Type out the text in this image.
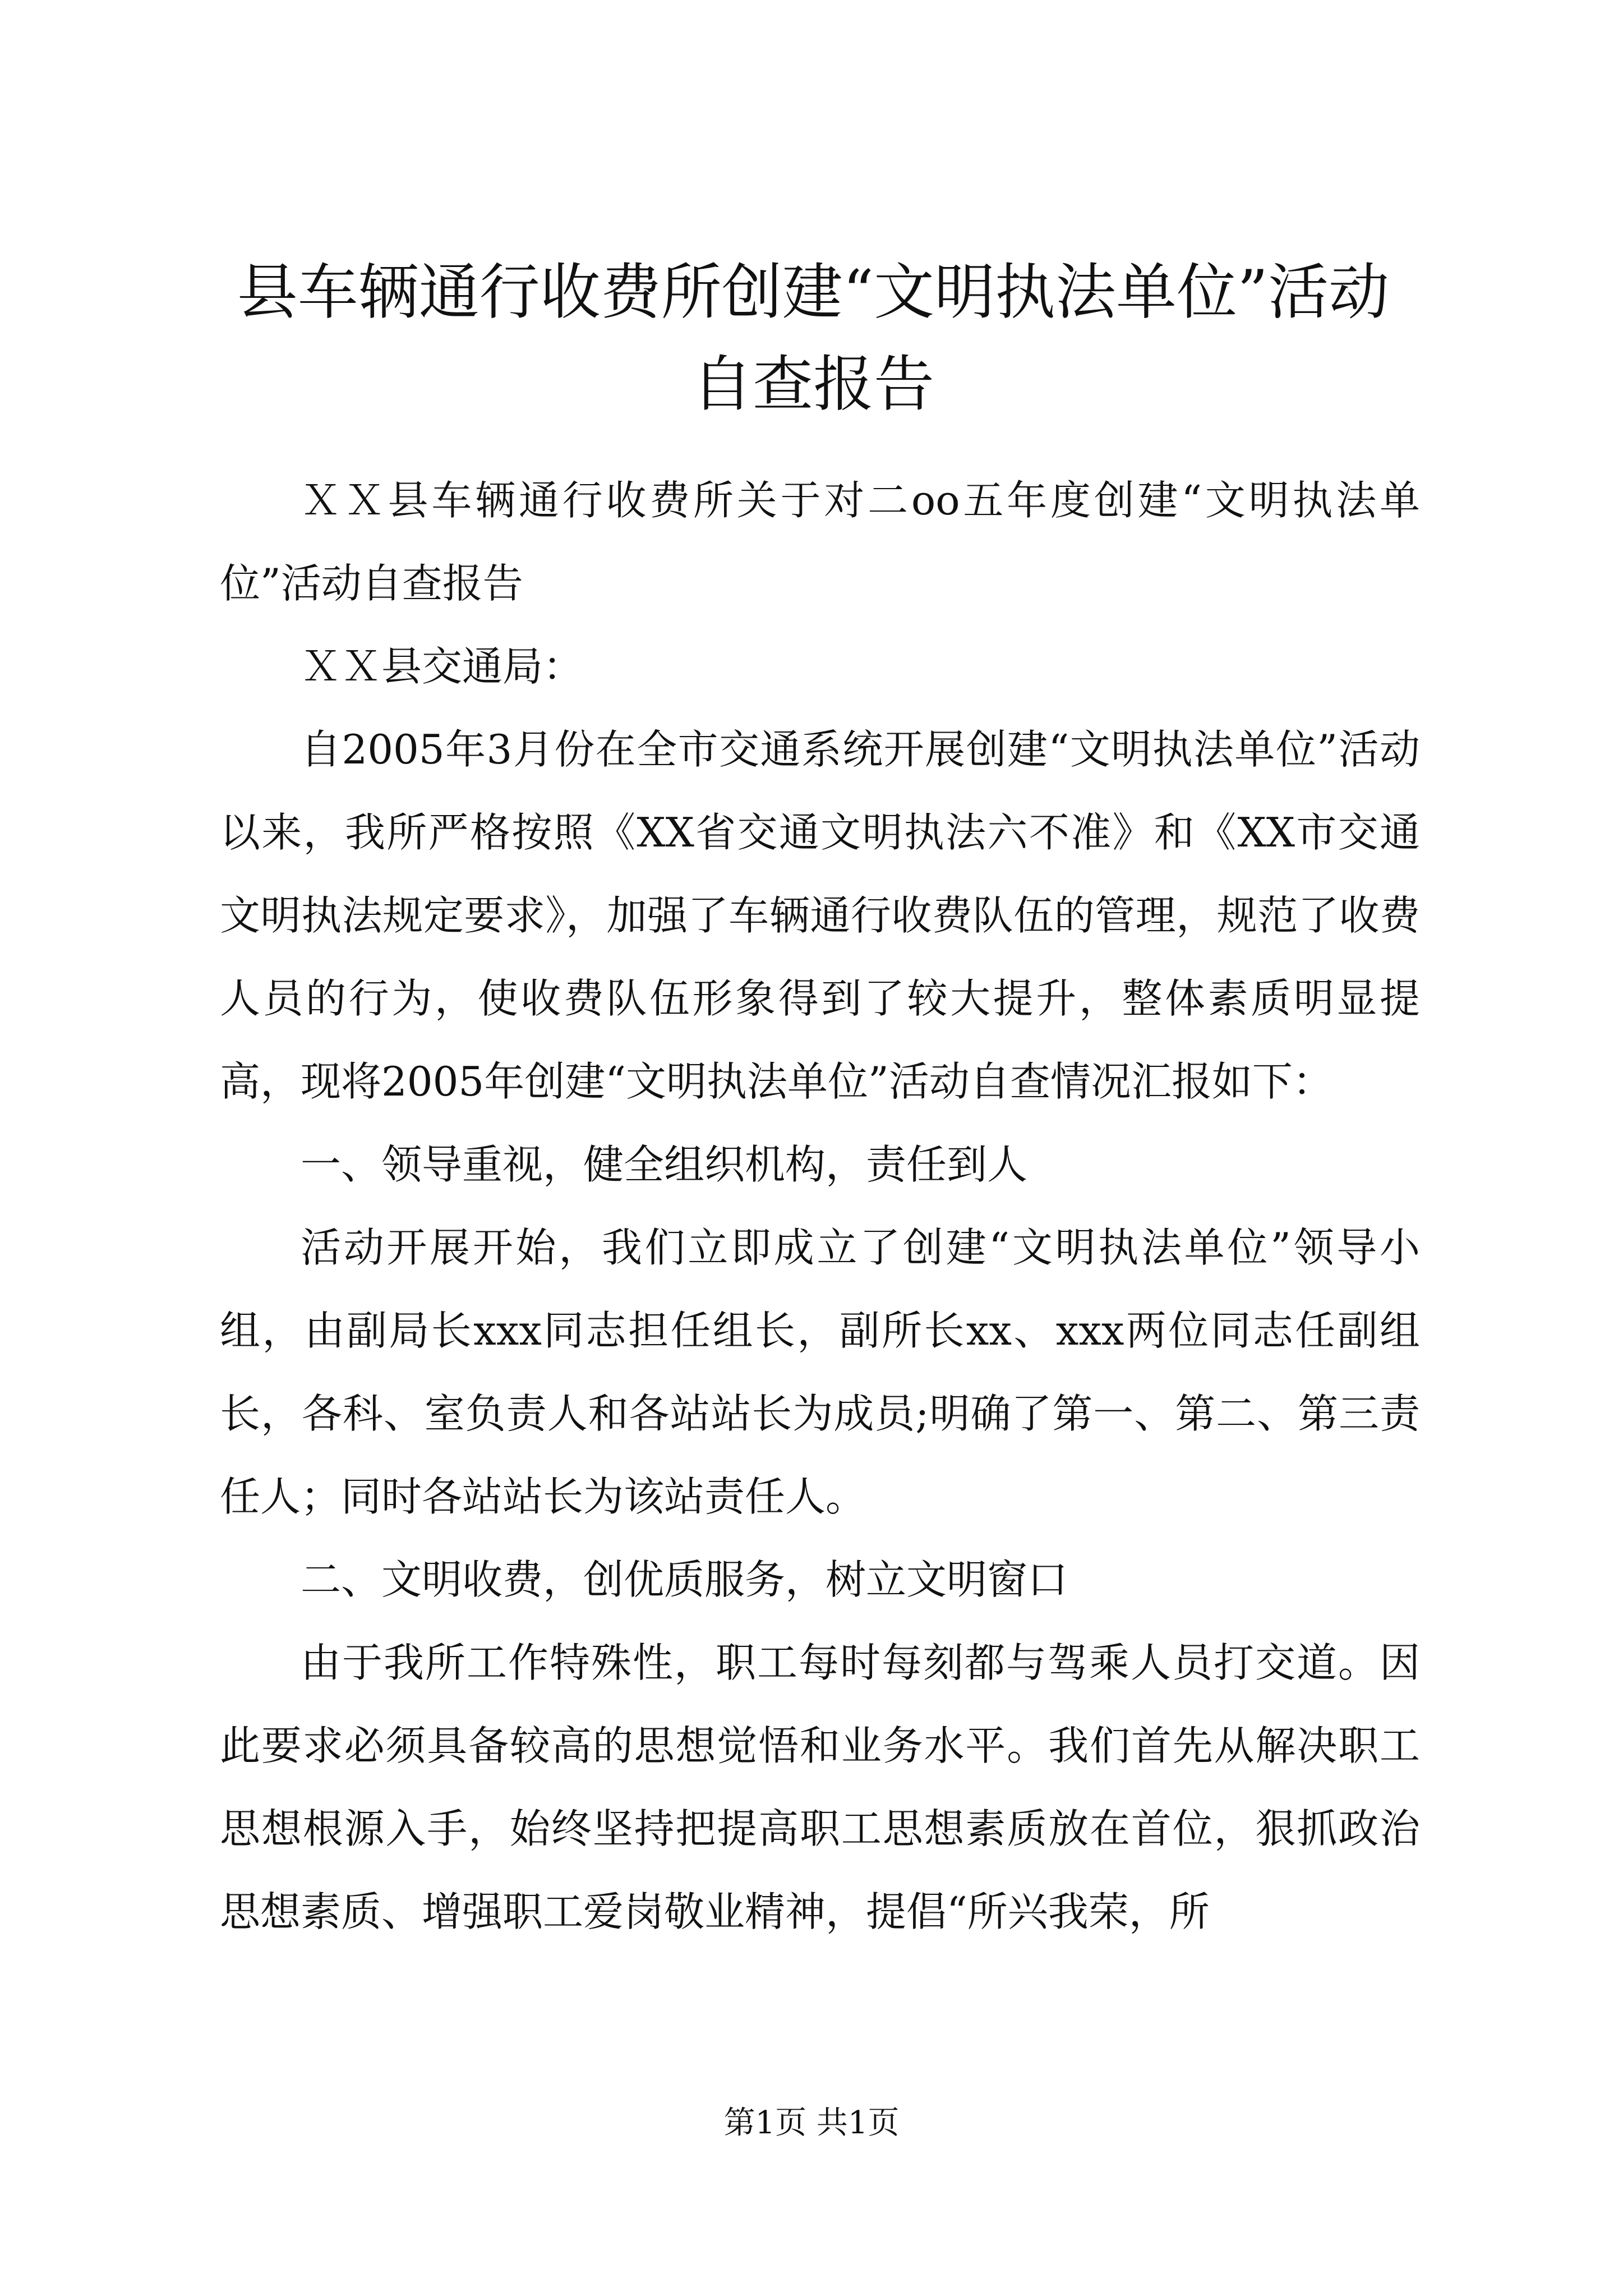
县车辆通行收费所创建“文明执法单位”活动自查报告

ＸＸ县车辆通行收费所关于对二oo五年度创建“文明执法单位”活动自查报告

ＸＸ县交通局：

自2005年3月份在全市交通系统开展创建“文明执法单位”活动以来，我所严格按照《XX省交通文明执法六不准》和《XX市交通文明执法规定要求》，加强了车辆通行收费队伍的管理，规范了收费人员的行为，使收费队伍形象得到了较大提升，整体素质明显提高，现将2005年创建“文明执法单位”活动自查情况汇报如下：

一、领导重视，健全组织机构，责任到人

活动开展开始，我们立即成立了创建“文明执法单位”领导小组，由副局长xxx同志担任组长，副所长xx、xxx两位同志任副组长，各科、室负责人和各站站长为成员;明确了第一、第二、第三责任人；同时各站站长为该站责任人。

二、文明收费，创优质服务，树立文明窗口

由于我所工作特殊性，职工每时每刻都与驾乘人员打交道。因此要求必须具备较高的思想觉悟和业务水平。我们首先从解决职工思想根源入手，始终坚持把提高职工思想素质放在首位，狠抓政治思想素质、增强职工爱岗敬业精神，提倡“所兴我荣，所

第1页 共1页
